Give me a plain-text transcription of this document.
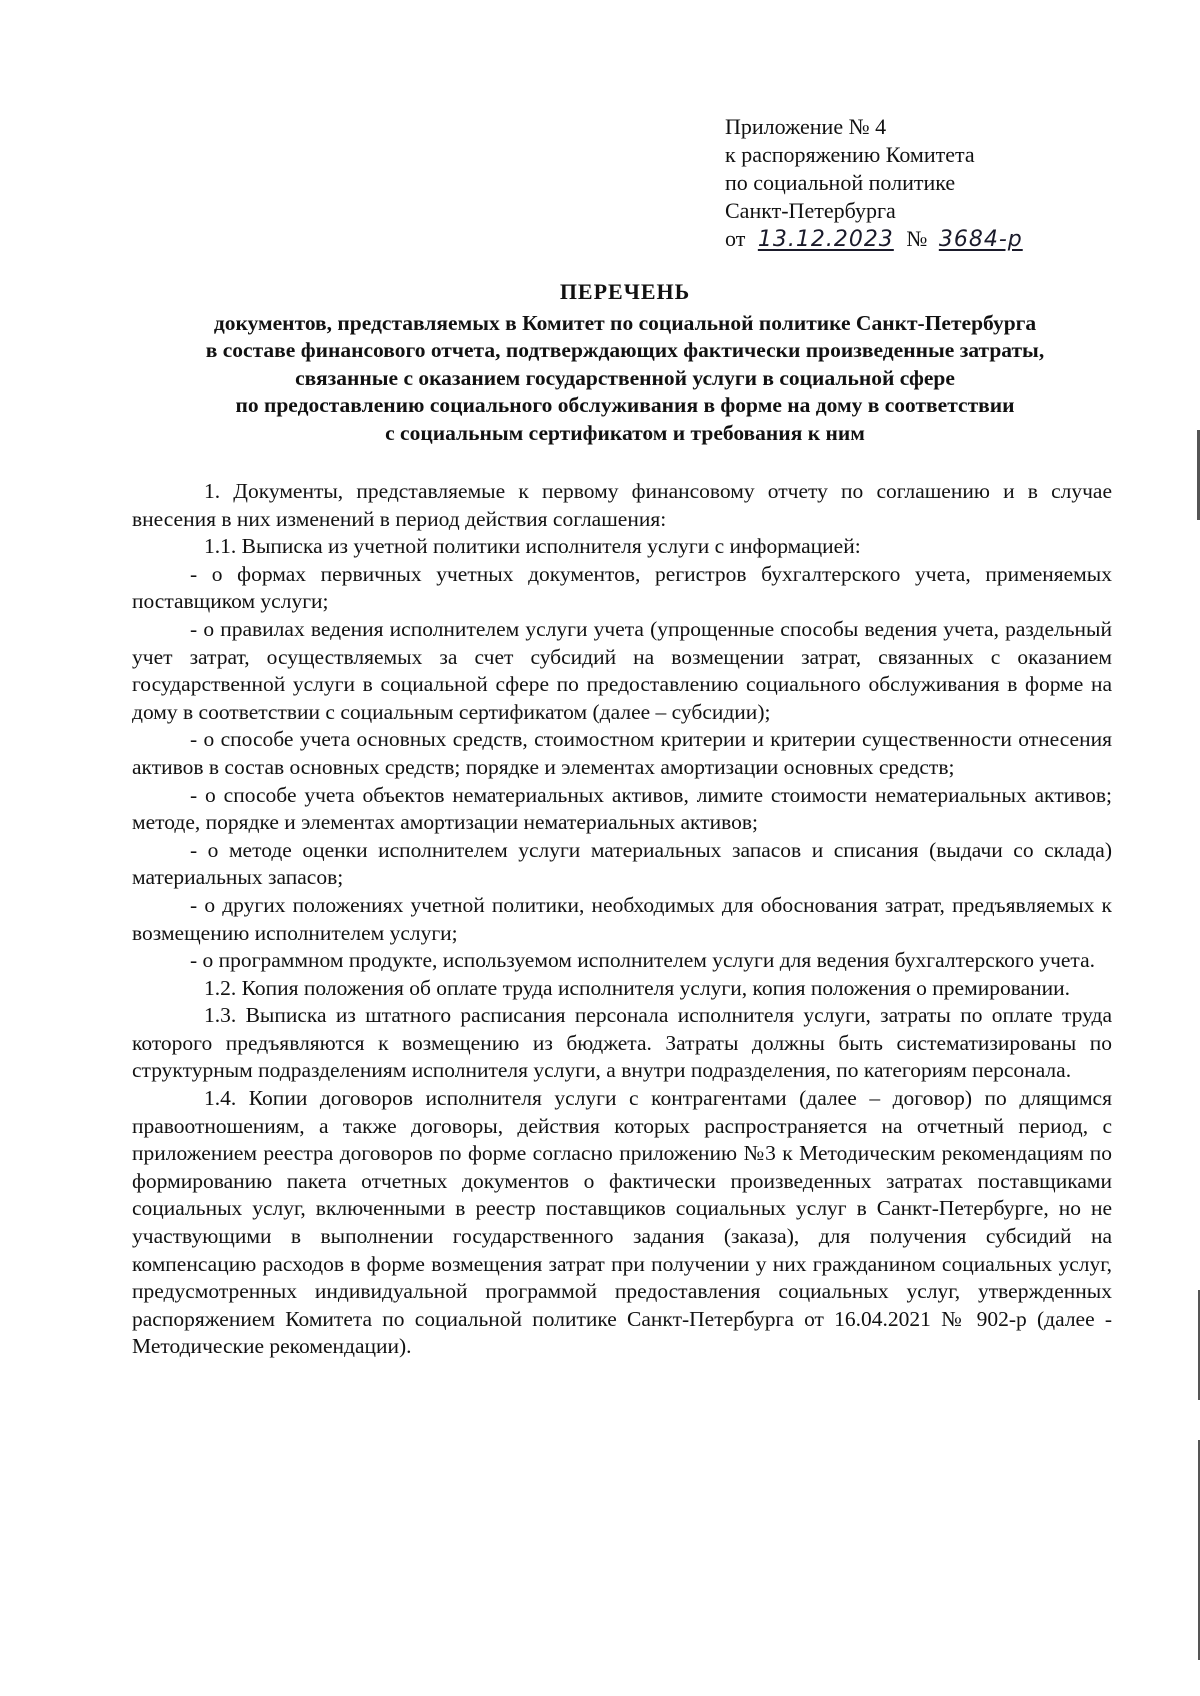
Приложение № 4
к распоряжению Комитета
по социальной политике
Санкт-Петербурга
от 13.12.2023 № 3684-р
ПЕРЕЧЕНЬ
документов, представляемых в Комитет по социальной политике Санкт-Петербурга
в составе финансового отчета, подтверждающих фактически произведенные затраты,
связанные с оказанием государственной услуги в социальной сфере
по предоставлению социального обслуживания в форме на дому в соответствии
с социальным сертификатом и требования к ним

1. Документы, представляемые к первому финансовому отчету по соглашению и в случае внесения в них изменений в период действия соглашения:

1.1. Выписка из учетной политики исполнителя услуги с информацией:

- о формах первичных учетных документов, регистров бухгалтерского учета, применяемых поставщиком услуги;

- о правилах ведения исполнителем услуги учета (упрощенные способы ведения учета, раздельный учет затрат, осуществляемых за счет субсидий на возмещении затрат, связанных с оказанием государственной услуги в социальной сфере по предоставлению социального обслуживания в форме на дому в соответствии с социальным сертификатом (далее – субсидии);

- о способе учета основных средств, стоимостном критерии и критерии существенности отнесения активов в состав основных средств; порядке и элементах амортизации основных средств;

- о способе учета объектов нематериальных активов, лимите стоимости нематериальных активов; методе, порядке и элементах амортизации нематериальных активов;

- о методе оценки исполнителем услуги материальных запасов и списания (выдачи со склада) материальных запасов;

- о других положениях учетной политики, необходимых для обоснования затрат, предъявляемых к возмещению исполнителем услуги;

- о программном продукте, используемом исполнителем услуги для ведения бухгалтерского учета.

1.2. Копия положения об оплате труда исполнителя услуги, копия положения о премировании.

1.3. Выписка из штатного расписания персонала исполнителя услуги, затраты по оплате труда которого предъявляются к возмещению из бюджета. Затраты должны быть систематизированы по структурным подразделениям исполнителя услуги, а внутри подразделения, по категориям персонала.

1.4. Копии договоров исполнителя услуги с контрагентами (далее – договор) по длящимся правоотношениям, а также договоры, действия которых распространяется на отчетный период, с приложением реестра договоров по форме согласно приложению №3 к Методическим рекомендациям по формированию пакета отчетных документов о фактически произведенных затратах поставщиками социальных услуг, включенными в реестр поставщиков социальных услуг в Санкт-Петербурге, но не участвующими в выполнении государственного задания (заказа), для получения субсидий на компенсацию расходов в форме возмещения затрат при получении у них гражданином социальных услуг, предусмотренных индивидуальной программой предоставления социальных услуг, утвержденных распоряжением Комитета по социальной политике Санкт-Петербурга от 16.04.2021 № 902-р (далее - Методические рекомендации).
